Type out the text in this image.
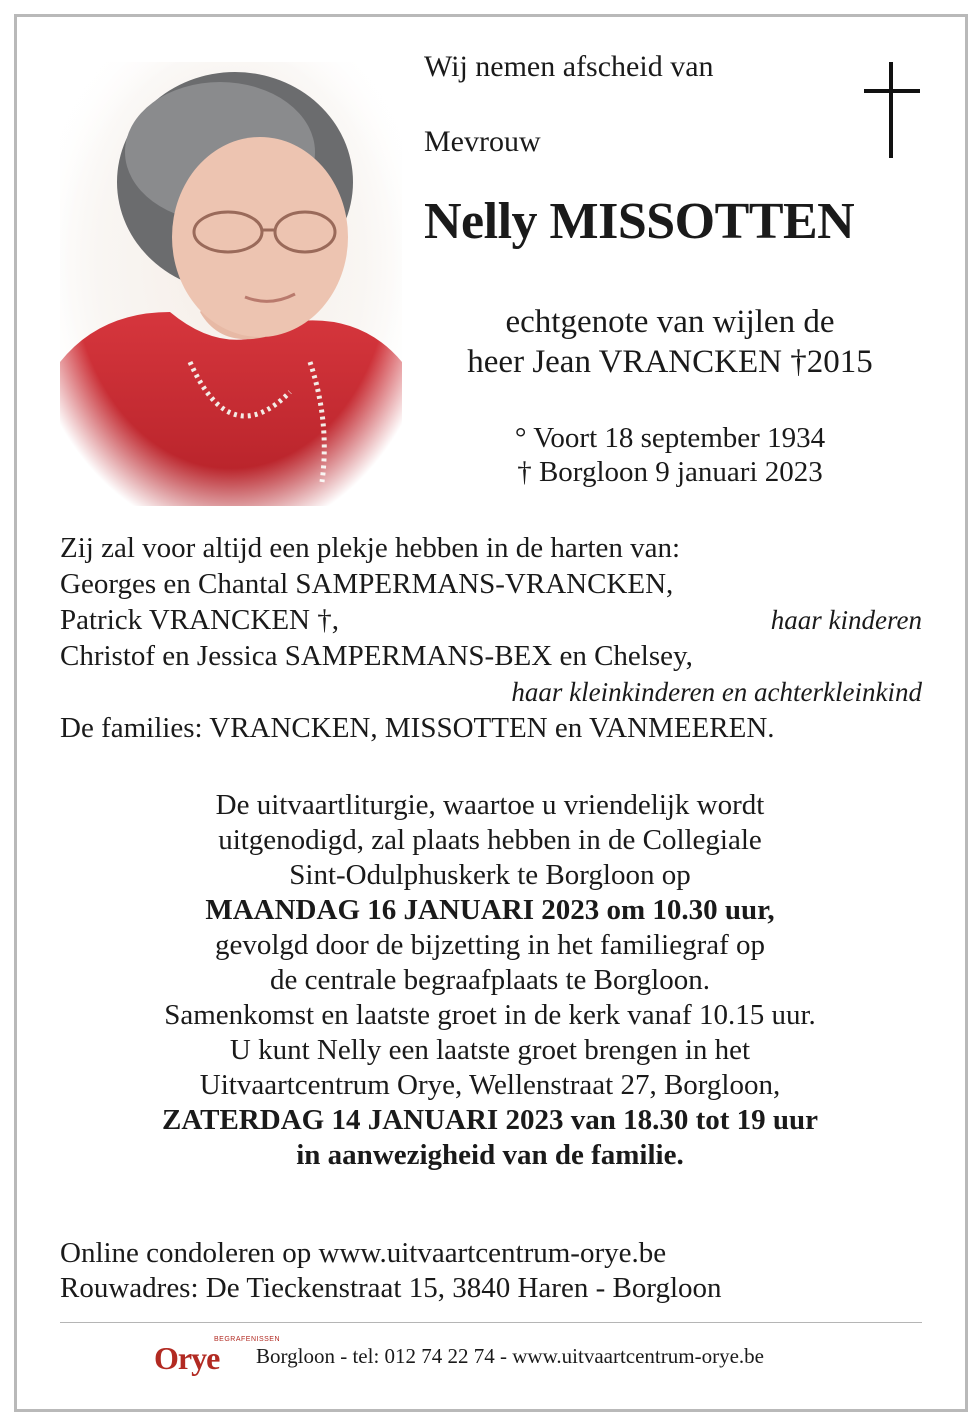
Wij nemen afscheid van
Mevrouw
Nelly MISSOTTEN
echtgenote van wijlen de
heer Jean VRANCKEN †2015
° Voort 18 september 1934
† Borgloon 9 januari 2023
Zij zal voor altijd een plekje hebben in de harten van:
Georges en Chantal SAMPERMANS-VRANCKEN,
Patrick VRANCKEN †,	haar kinderen
Christof en Jessica SAMPERMANS-BEX en Chelsey,
haar kleinkinderen en achterkleinkind
De families: VRANCKEN, MISSOTTEN en VANMEEREN.
De uitvaartliturgie, waartoe u vriendelijk wordt
uitgenodigd, zal plaats hebben in de Collegiale
Sint-Odulphuskerk te Borgloon op
MAANDAG 16 JANUARI 2023 om 10.30 uur,
gevolgd door de bijzetting in het familiegraf op
de centrale begraafplaats te Borgloon.
Samenkomst en laatste groet in de kerk vanaf 10.15 uur.
U kunt Nelly een laatste groet brengen in het
Uitvaartcentrum Orye, Wellenstraat 27, Borgloon,
ZATERDAG 14 JANUARI 2023 van 18.30 tot 19 uur
in aanwezigheid van de familie.
Online condoleren op www.uitvaartcentrum-orye.be
Rouwadres: De Tieckenstraat 15, 3840 Haren - Borgloon
BEGRAFENISSEN
Orye Borgloon - tel: 012 74 22 74 - www.uitvaartcentrum-orye.be
